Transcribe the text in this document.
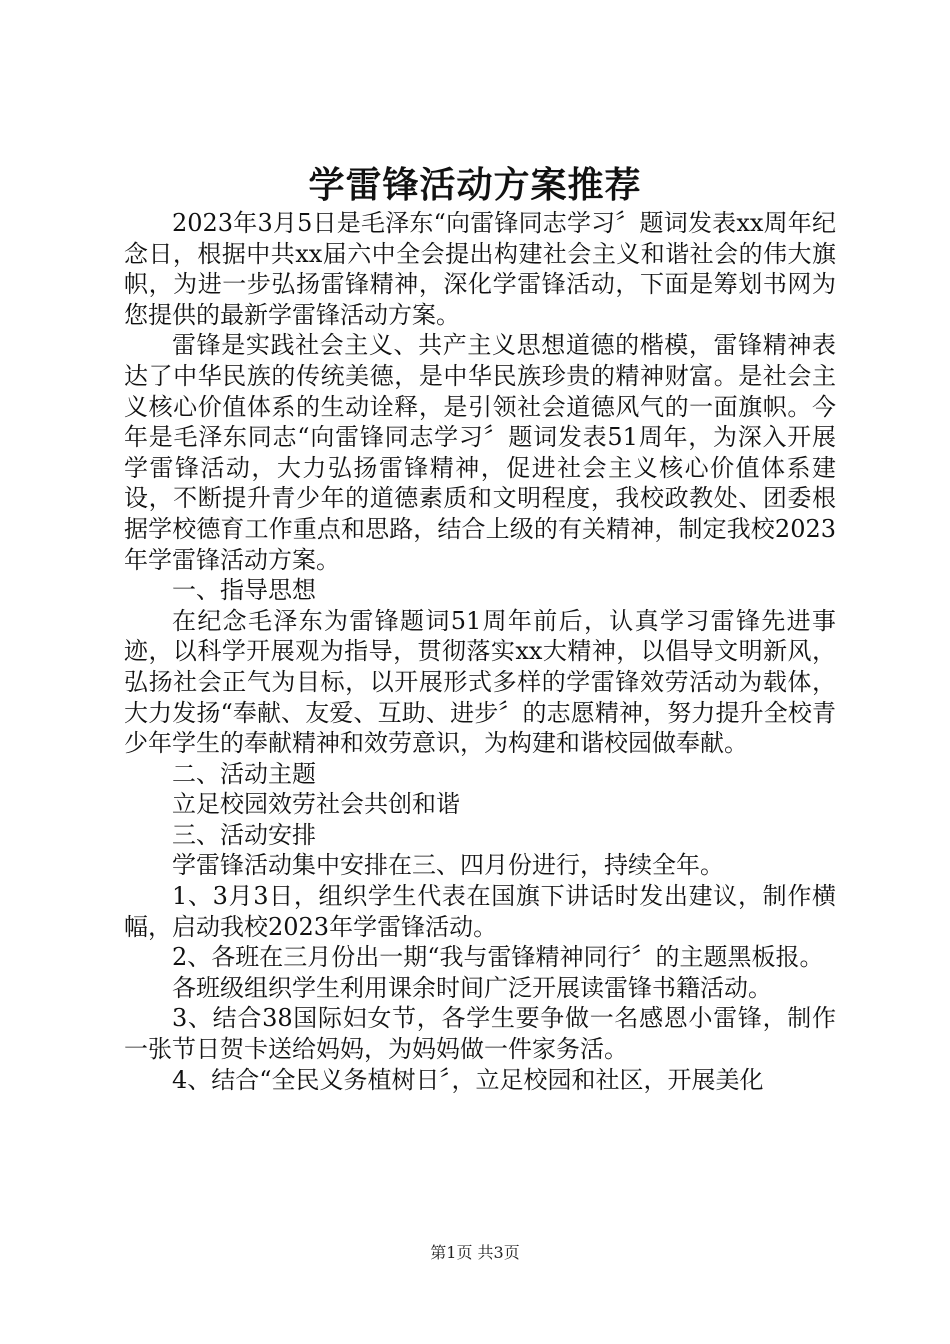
学雷锋活动方案推荐

2023年3月5日是毛泽东“向雷锋同志学习〞题词发表xx周年纪念日，根据中共xx届六中全会提出构建社会主义和谐社会的伟大旗帜，为进一步弘扬雷锋精神，深化学雷锋活动，下面是筹划书网为您提供的最新学雷锋活动方案。

雷锋是实践社会主义、共产主义思想道德的楷模，雷锋精神表达了中华民族的传统美德，是中华民族珍贵的精神财富。是社会主义核心价值体系的生动诠释，是引领社会道德风气的一面旗帜。今年是毛泽东同志“向雷锋同志学习〞题词发表51周年，为深入开展学雷锋活动，大力弘扬雷锋精神，促进社会主义核心价值体系建设，不断提升青少年的道德素质和文明程度，我校政教处、团委根据学校德育工作重点和思路，结合上级的有关精神，制定我校2023年学雷锋活动方案。

一、指导思想

在纪念毛泽东为雷锋题词51周年前后，认真学习雷锋先进事迹，以科学开展观为指导，贯彻落实xx大精神，以倡导文明新风，弘扬社会正气为目标，以开展形式多样的学雷锋效劳活动为载体，大力发扬“奉献、友爱、互助、进步〞的志愿精神，努力提升全校青少年学生的奉献精神和效劳意识，为构建和谐校园做奉献。

二、活动主题

立足校园效劳社会共创和谐

三、活动安排

学雷锋活动集中安排在三、四月份进行，持续全年。

1、3月3日，组织学生代表在国旗下讲话时发出建议，制作横幅，启动我校2023年学雷锋活动。

2、各班在三月份出一期“我与雷锋精神同行〞的主题黑板报。

各班级组织学生利用课余时间广泛开展读雷锋书籍活动。

3、结合38国际妇女节，各学生要争做一名感恩小雷锋，制作一张节日贺卡送给妈妈，为妈妈做一件家务活。

4、结合“全民义务植树日〞，立足校园和社区，开展美化

第1页 共3页
